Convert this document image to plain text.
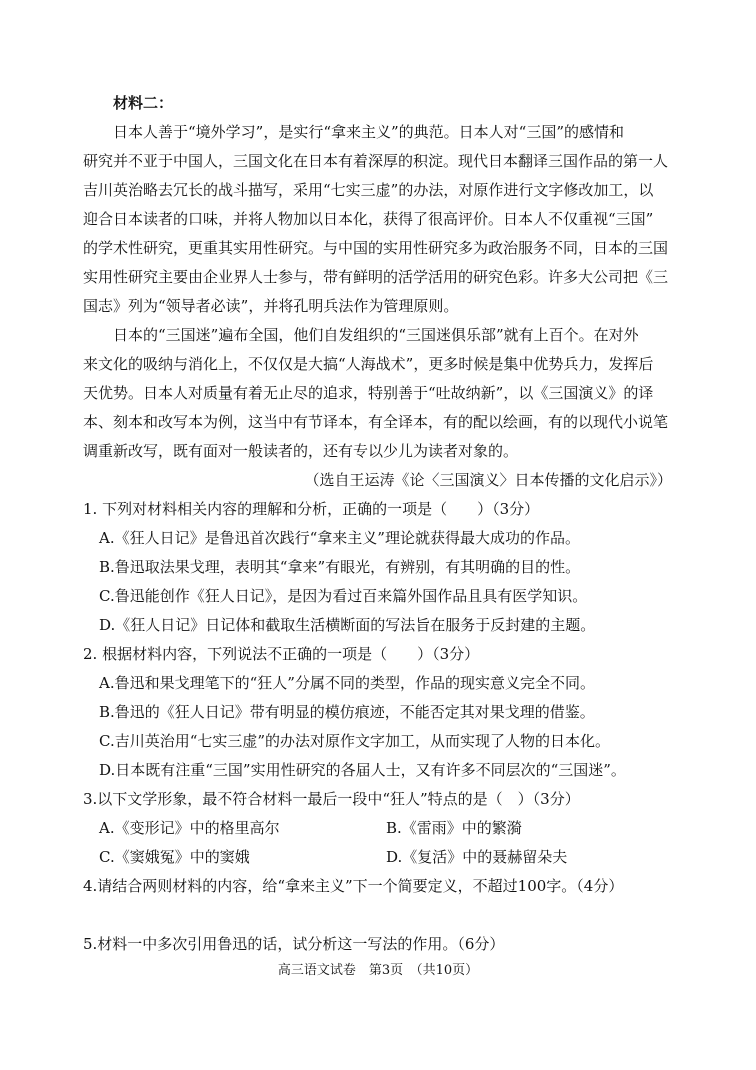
材料二：
日本人善于“境外学习”，是实行“拿来主义”的典范。日本人对“三国”的感情和
研究并不亚于中国人，三国文化在日本有着深厚的积淀。现代日本翻译三国作品的第一人
吉川英治略去冗长的战斗描写，采用“七实三虚”的办法，对原作进行文字修改加工，以
迎合日本读者的口味，并将人物加以日本化，获得了很高评价。日本人不仅重视“三国”
的学术性研究，更重其实用性研究。与中国的实用性研究多为政治服务不同，日本的三国
实用性研究主要由企业界人士参与，带有鲜明的活学活用的研究色彩。许多大公司把《三
国志》列为“领导者必读”，并将孔明兵法作为管理原则。
日本的“三国迷”遍布全国，他们自发组织的“三国迷俱乐部”就有上百个。在对外
来文化的吸纳与消化上，不仅仅是大搞“人海战术”，更多时候是集中优势兵力，发挥后
天优势。日本人对质量有着无止尽的追求，特别善于“吐故纳新”，以《三国演义》的译
本、刻本和改写本为例，这当中有节译本，有全译本，有的配以绘画，有的以现代小说笔
调重新改写，既有面对一般读者的，还有专以少儿为读者对象的。
（选自王运涛《论〈三国演义〉日本传播的文化启示》）
1. 下列对材料相关内容的理解和分析，正确的一项是（　　）（3分）
A.《狂人日记》是鲁迅首次践行“拿来主义”理论就获得最大成功的作品。
B.鲁迅取法果戈理，表明其“拿来”有眼光，有辨别，有其明确的目的性。
C.鲁迅能创作《狂人日记》，是因为看过百来篇外国作品且具有医学知识。
D.《狂人日记》日记体和截取生活横断面的写法旨在服务于反封建的主题。
2. 根据材料内容，下列说法不正确的一项是（　　）（3分）
A.鲁迅和果戈理笔下的“狂人”分属不同的类型，作品的现实意义完全不同。
B.鲁迅的《狂人日记》带有明显的模仿痕迹，不能否定其对果戈理的借鉴。
C.吉川英治用“七实三虚”的办法对原作文字加工，从而实现了人物的日本化。
D.日本既有注重“三国”实用性研究的各届人士，又有许多不同层次的“三国迷”。
3.以下文学形象，最不符合材料一最后一段中“狂人”特点的是（　）（3分）
A.《变形记》中的格里高尔	B.《雷雨》中的繁漪
C.《窦娥冤》中的窦娥	D.《复活》中的聂赫留朵夫
4.请结合两则材料的内容，给“拿来主义”下一个简要定义，不超过100字。（4分）
5.材料一中多次引用鲁迅的话，试分析这一写法的作用。（6分）
高三语文试卷　第3页　（共10页）
